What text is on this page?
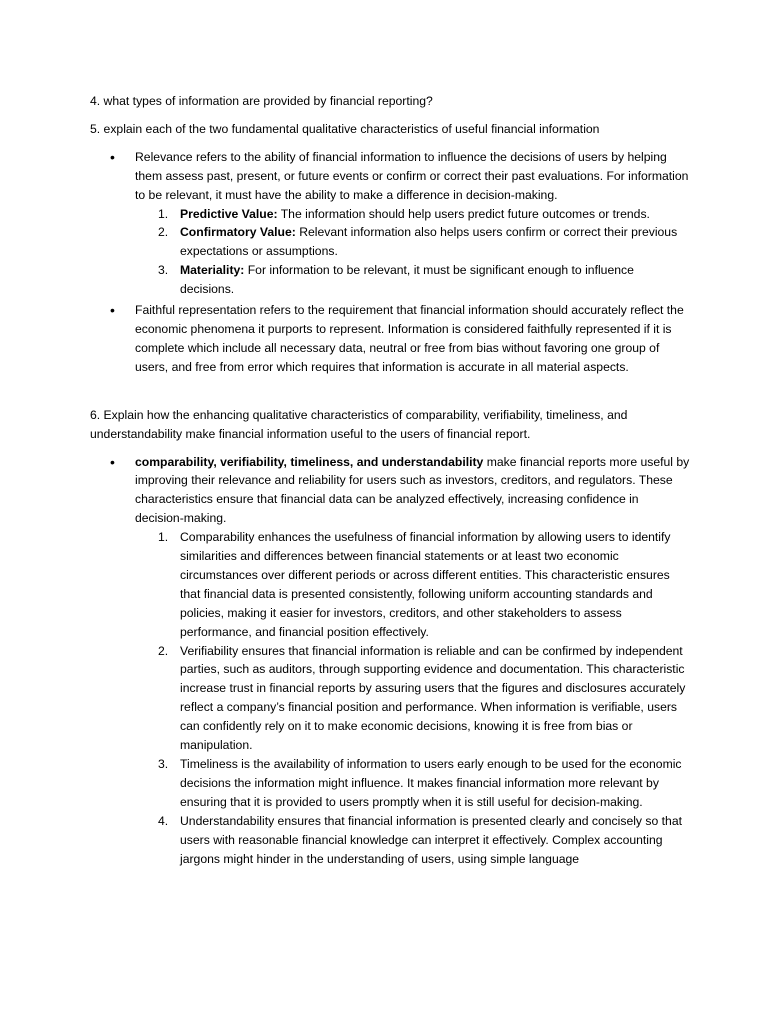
4. what types of information are provided by financial reporting?

5. explain each of the two fundamental qualitative characteristics of useful financial information

• Relevance refers to the ability of financial information to influence the decisions of users by helping them assess past, present, or future events or confirm or correct their past evaluations. For information to be relevant, it must have the ability to make a difference in decision-making.

1. Predictive Value: The information should help users predict future outcomes or trends.

2. Confirmatory Value: Relevant information also helps users confirm or correct their previous expectations or assumptions.

3. Materiality: For information to be relevant, it must be significant enough to influence decisions.

• Faithful representation refers to the requirement that financial information should accurately reflect the economic phenomena it purports to represent. Information is considered faithfully represented if it is complete which include all necessary data, neutral or free from bias without favoring one group of users, and free from error which requires that information is accurate in all material aspects.

6. Explain how the enhancing qualitative characteristics of comparability, verifiability, timeliness, and understandability make financial information useful to the users of financial report.

• comparability, verifiability, timeliness, and understandability make financial reports more useful by improving their relevance and reliability for users such as investors, creditors, and regulators. These characteristics ensure that financial data can be analyzed effectively, increasing confidence in decision-making.

1. Comparability enhances the usefulness of financial information by allowing users to identify similarities and differences between financial statements or at least two economic circumstances over different periods or across different entities. This characteristic ensures that financial data is presented consistently, following uniform accounting standards and policies, making it easier for investors, creditors, and other stakeholders to assess performance, and financial position effectively.

2. Verifiability ensures that financial information is reliable and can be confirmed by independent parties, such as auditors, through supporting evidence and documentation. This characteristic increase trust in financial reports by assuring users that the figures and disclosures accurately reflect a company’s financial position and performance. When information is verifiable, users can confidently rely on it to make economic decisions, knowing it is free from bias or manipulation.

3. Timeliness is the availability of information to users early enough to be used for the economic decisions the information might influence. It makes financial information more relevant by ensuring that it is provided to users promptly when it is still useful for decision-making.

4. Understandability ensures that financial information is presented clearly and concisely so that users with reasonable financial knowledge can interpret it effectively. Complex accounting jargons might hinder in the understanding of users, using simple language
